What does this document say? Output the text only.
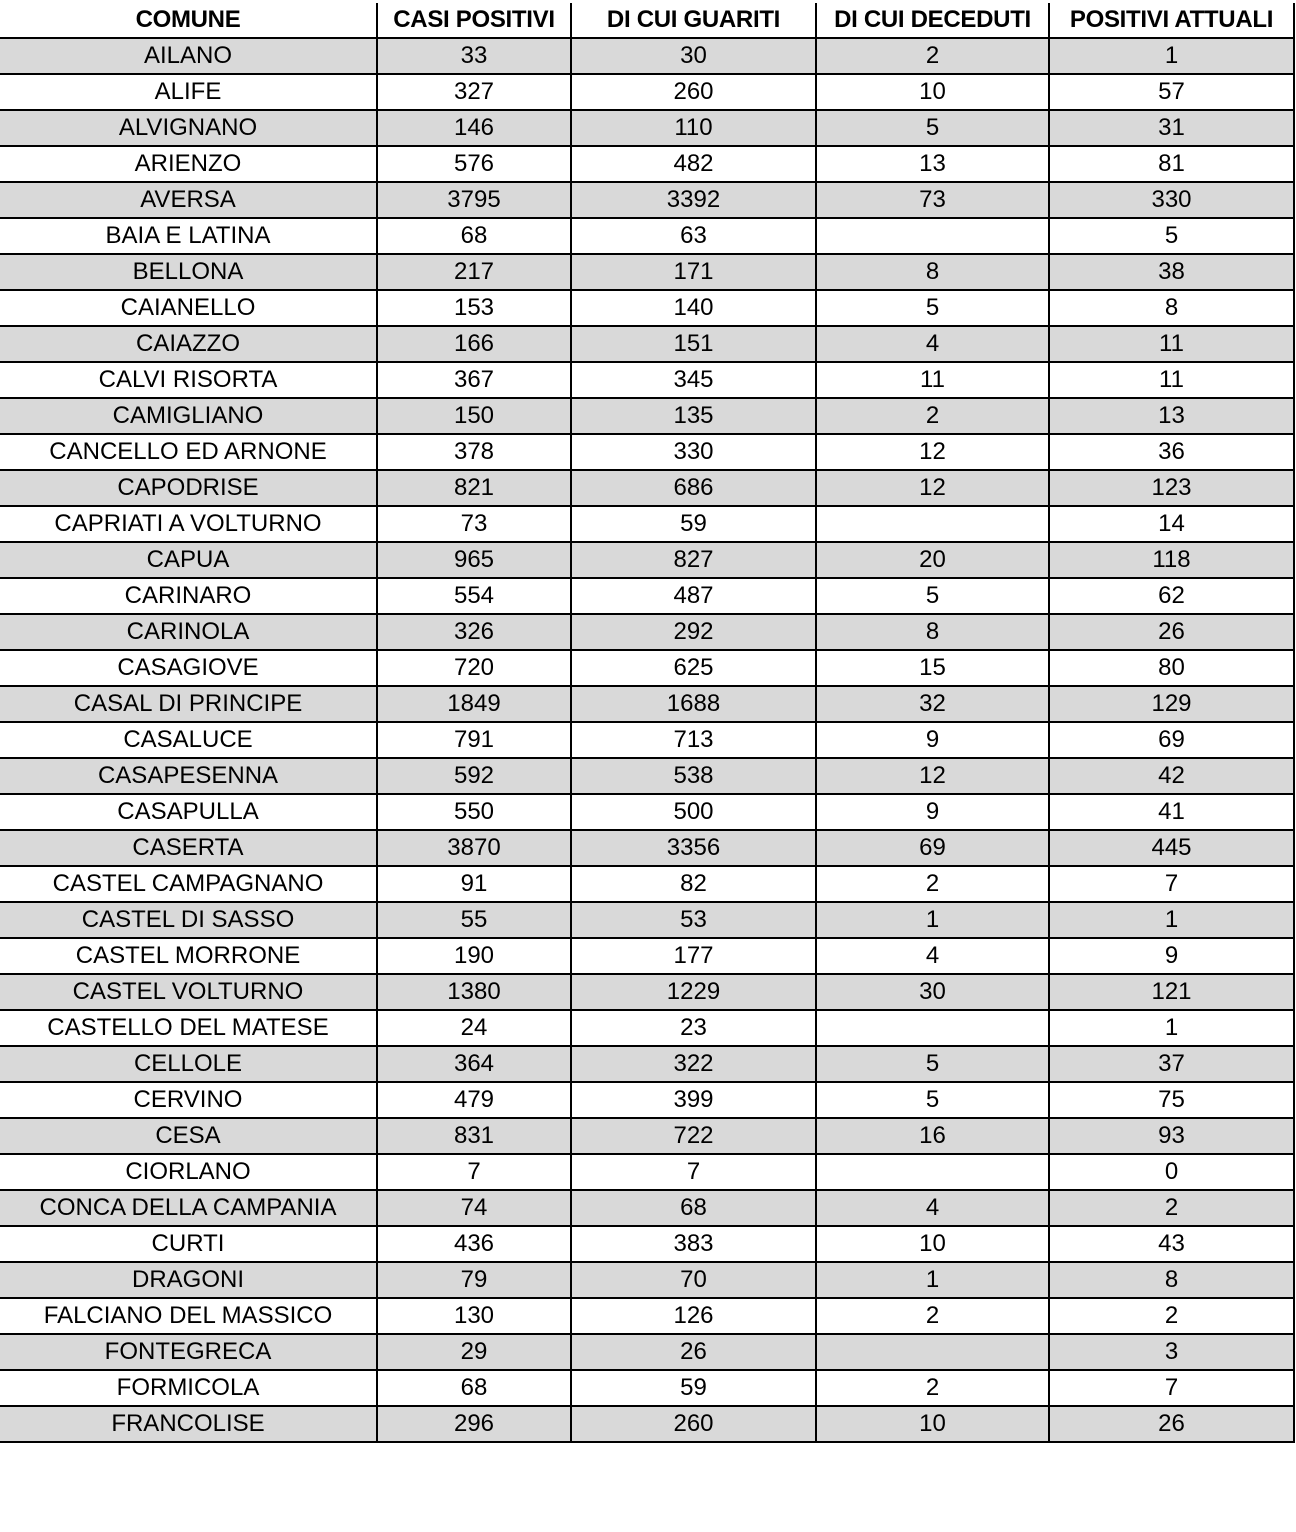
COMUNE	CASI POSITIVI	DI CUI GUARITI	DI CUI DECEDUTI	POSITIVI ATTUALI
AILANO	33	30	2	1
ALIFE	327	260	10	57
ALVIGNANO	146	110	5	31
ARIENZO	576	482	13	81
AVERSA	3795	3392	73	330
BAIA E LATINA	68	63		5
BELLONA	217	171	8	38
CAIANELLO	153	140	5	8
CAIAZZO	166	151	4	11
CALVI RISORTA	367	345	11	11
CAMIGLIANO	150	135	2	13
CANCELLO ED ARNONE	378	330	12	36
CAPODRISE	821	686	12	123
CAPRIATI A VOLTURNO	73	59		14
CAPUA	965	827	20	118
CARINARO	554	487	5	62
CARINOLA	326	292	8	26
CASAGIOVE	720	625	15	80
CASAL DI PRINCIPE	1849	1688	32	129
CASALUCE	791	713	9	69
CASAPESENNA	592	538	12	42
CASAPULLA	550	500	9	41
CASERTA	3870	3356	69	445
CASTEL CAMPAGNANO	91	82	2	7
CASTEL DI SASSO	55	53	1	1
CASTEL MORRONE	190	177	4	9
CASTEL VOLTURNO	1380	1229	30	121
CASTELLO DEL MATESE	24	23		1
CELLOLE	364	322	5	37
CERVINO	479	399	5	75
CESA	831	722	16	93
CIORLANO	7	7		0
CONCA DELLA CAMPANIA	74	68	4	2
CURTI	436	383	10	43
DRAGONI	79	70	1	8
FALCIANO DEL MASSICO	130	126	2	2
FONTEGRECA	29	26		3
FORMICOLA	68	59	2	7
FRANCOLISE	296	260	10	26
